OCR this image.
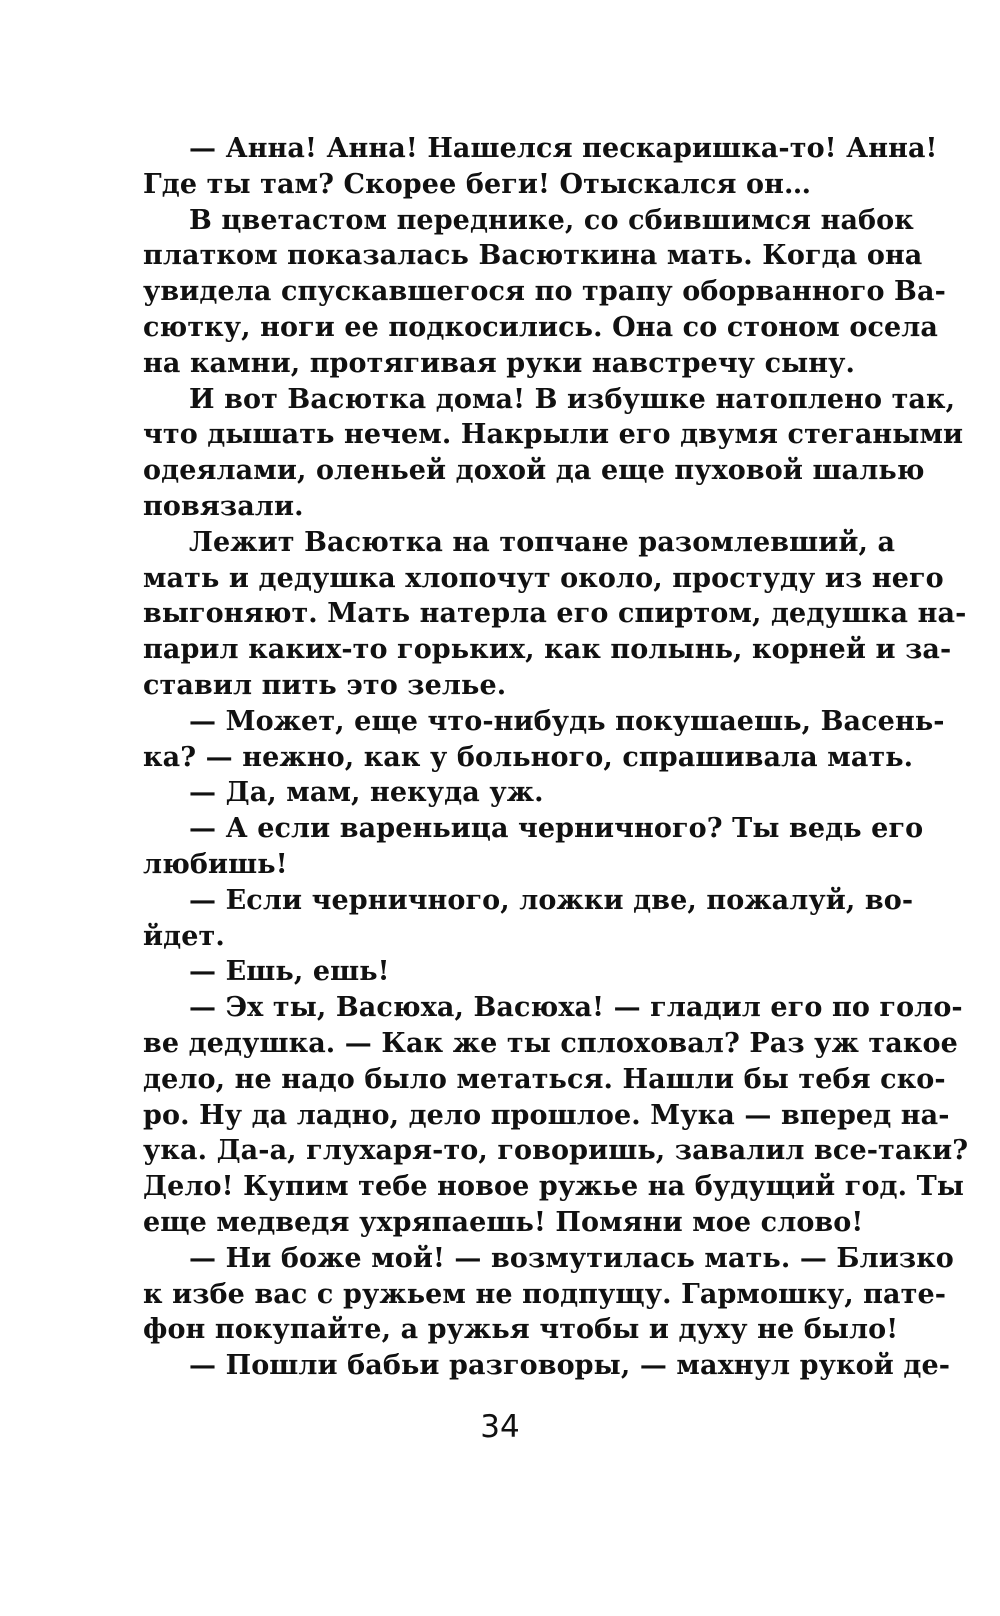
— Анна! Анна! Нашелся пескаришка-то! Анна!
Где ты там? Скорее беги! Отыскался он…
В цветастом переднике, со сбившимся набок
платком показалась Васюткина мать. Когда она
увидела спускавшегося по трапу оборванного Ва-
сютку, ноги ее подкосились. Она со стоном осела
на камни, протягивая руки навстречу сыну.
И вот Васютка дома! В избушке натоплено так,
что дышать нечем. Накрыли его двумя стегаными
одеялами, оленьей дохой да еще пуховой шалью
повязали.
Лежит Васютка на топчане разомлевший, а
мать и дедушка хлопочут около, простуду из него
выгоняют. Мать натерла его спиртом, дедушка на-
парил каких-то горьких, как полынь, корней и за-
ставил пить это зелье.
— Может, еще что-нибудь покушаешь, Васень-
ка? — нежно, как у больного, спрашивала мать.
— Да, мам, некуда уж.
— А если вареньица черничного? Ты ведь его
любишь!
— Если черничного, ложки две, пожалуй, во-
йдет.
— Ешь, ешь!
— Эх ты, Васюха, Васюха! — гладил его по голо-
ве дедушка. — Как же ты сплоховал? Раз уж такое
дело, не надо было метаться. Нашли бы тебя ско-
ро. Ну да ладно, дело прошлое. Мука — вперед на-
ука. Да-а, глухаря-то, говоришь, завалил все-таки?
Дело! Купим тебе новое ружье на будущий год. Ты
еще медведя ухряпаешь! Помяни мое слово!
— Ни боже мой! — возмутилась мать. — Близко
к избе вас с ружьем не подпущу. Гармошку, пате-
фон покупайте, а ружья чтобы и духу не было!
— Пошли бабьи разговоры, — махнул рукой де-
34
